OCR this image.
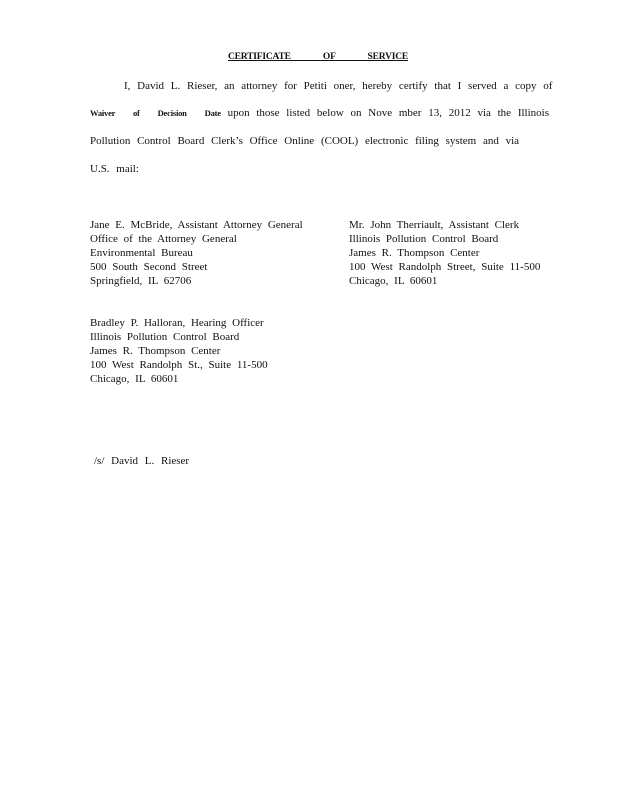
CERTIFICATE OF SERVICE
I, David L. Rieser, an attorney for Petiti oner, hereby certify that I served a copy of
Waiver of Decision Date upon those listed below on Nove mber 13, 2012 via the Illinois
Pollution Control Board Clerk’s Office Online (COOL) electronic filing system and via
U.S. mail:
Jane E. McBride, Assistant Attorney General
Office of the Attorney General
Environmental Bureau
500 South Second Street
Springfield, IL 62706
Mr. John Therriault, Assistant Clerk
Illinois Pollution Control Board
James R. Thompson Center
100 West Randolph Street, Suite 11-500
Chicago, IL 60601
Bradley P. Halloran, Hearing Officer
Illinois Pollution Control Board
James R. Thompson Center
100 West Randolph St., Suite 11-500
Chicago, IL 60601
/s/ David L. Rieser
